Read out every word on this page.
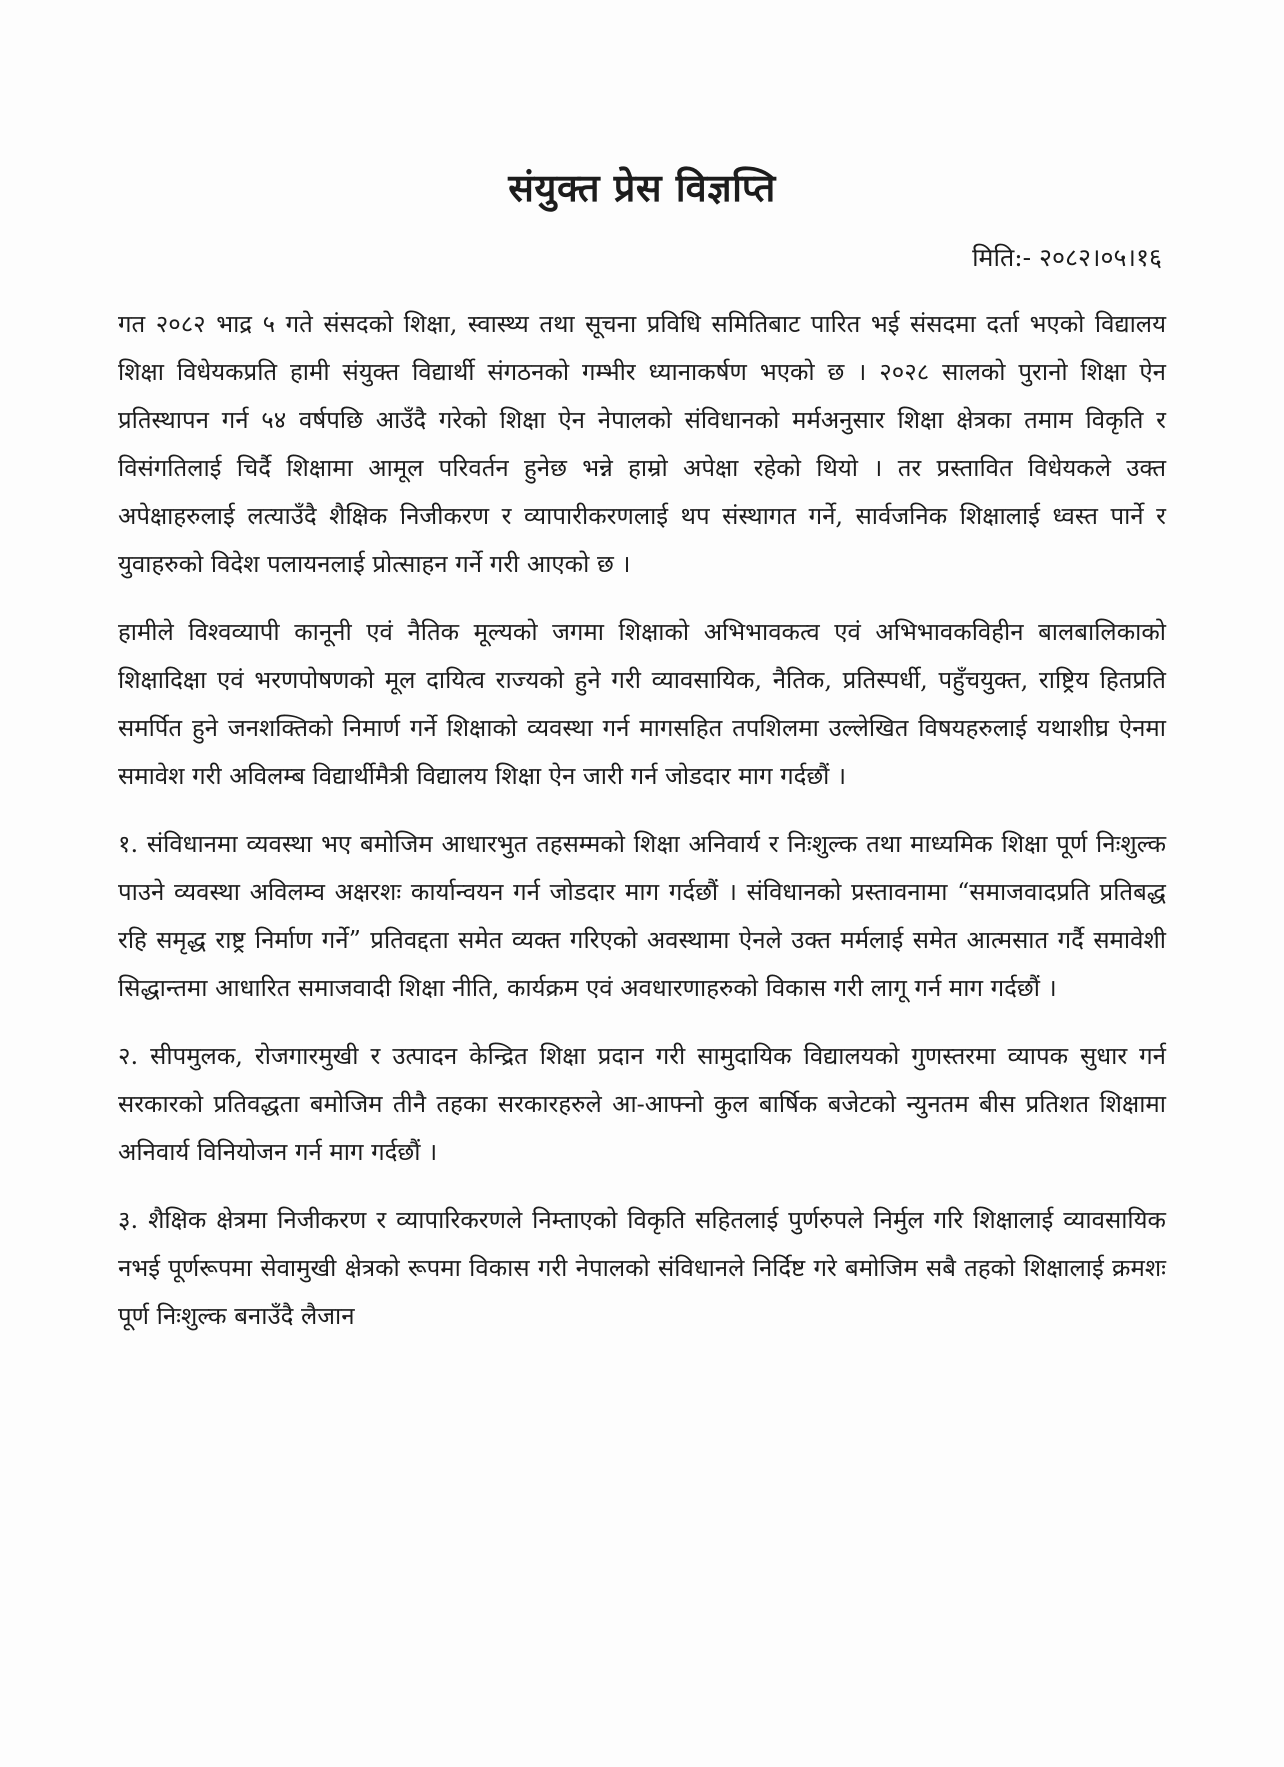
संयुक्त प्रेस विज्ञप्ति

मिति:- २०८२।०५।१६

गत २०८२ भाद्र ५ गते संसदको शिक्षा, स्वास्थ्य तथा सूचना प्रविधि समितिबाट पारित भई संसदमा दर्ता भएको विद्यालय शिक्षा विधेयकप्रति हामी संयुक्त विद्यार्थी संगठनको गम्भीर ध्यानाकर्षण भएको छ । २०२८ सालको पुरानो शिक्षा ऐन प्रतिस्थापन गर्न ५४ वर्षपछि आउँदै गरेको शिक्षा ऐन नेपालको संविधानको मर्मअनुसार शिक्षा क्षेत्रका तमाम विकृति र विसंगतिलाई चिर्दै शिक्षामा आमूल परिवर्तन हुनेछ भन्ने हाम्रो अपेक्षा रहेको थियो । तर प्रस्तावित विधेयकले उक्त अपेक्षाहरुलाई लत्याउँदै शैक्षिक निजीकरण र व्यापारीकरणलाई थप संस्थागत गर्ने, सार्वजनिक शिक्षालाई ध्वस्त पार्ने र युवाहरुको विदेश पलायनलाई प्रोत्साहन गर्ने गरी आएको छ ।

हामीले विश्वव्यापी कानूनी एवं नैतिक मूल्यको जगमा शिक्षाको अभिभावकत्व एवं अभिभावकविहीन बालबालिकाको शिक्षादिक्षा एवं भरणपोषणको मूल दायित्व राज्यको हुने गरी व्यावसायिक, नैतिक, प्रतिस्पर्धी, पहुँचयुक्त, राष्ट्रिय हितप्रति समर्पित हुने जनशक्तिको निमार्ण गर्ने शिक्षाको व्यवस्था गर्न मागसहित तपशिलमा उल्लेखित विषयहरुलाई यथाशीघ्र ऐनमा समावेश गरी अविलम्ब विद्यार्थीमैत्री विद्यालय शिक्षा ऐन जारी गर्न जोडदार माग गर्दछौं ।

१. संविधानमा व्यवस्था भए बमोजिम आधारभुत तहसम्मको शिक्षा अनिवार्य र निःशुल्क तथा माध्यमिक शिक्षा पूर्ण निःशुल्क पाउने व्यवस्था अविलम्व अक्षरशः कार्यान्वयन गर्न जोडदार माग गर्दछौं । संविधानको प्रस्तावनामा “समाजवादप्रति प्रतिबद्ध रहि समृद्ध राष्ट्र निर्माण गर्ने” प्रतिवद्दता समेत व्यक्त गरिएको अवस्थामा ऐनले उक्त मर्मलाई समेत आत्मसात गर्दै समावेशी सिद्धान्तमा आधारित समाजवादी शिक्षा नीति, कार्यक्रम एवं अवधारणाहरुको विकास गरी लागू गर्न माग गर्दछौं ।

२. सीपमुलक, रोजगारमुखी र उत्पादन केन्द्रित शिक्षा प्रदान गरी सामुदायिक विद्यालयको गुणस्तरमा व्यापक सुधार गर्न सरकारको प्रतिवद्धता बमोजिम तीनै तहका सरकारहरुले आ-आफ्नो कुल बार्षिक बजेटको न्युनतम बीस प्रतिशत शिक्षामा अनिवार्य विनियोजन गर्न माग गर्दछौं ।

३. शैक्षिक क्षेत्रमा निजीकरण र व्यापारिकरणले निम्ताएको विकृति सहितलाई पुर्णरुपले निर्मुल गरि शिक्षालाई व्यावसायिक नभई पूर्णरूपमा सेवामुखी क्षेत्रको रूपमा विकास गरी नेपालको संविधानले निर्दिष्ट गरे बमोजिम सबै तहको शिक्षालाई क्रमशः पूर्ण निःशुल्क बनाउँदै लैजान
